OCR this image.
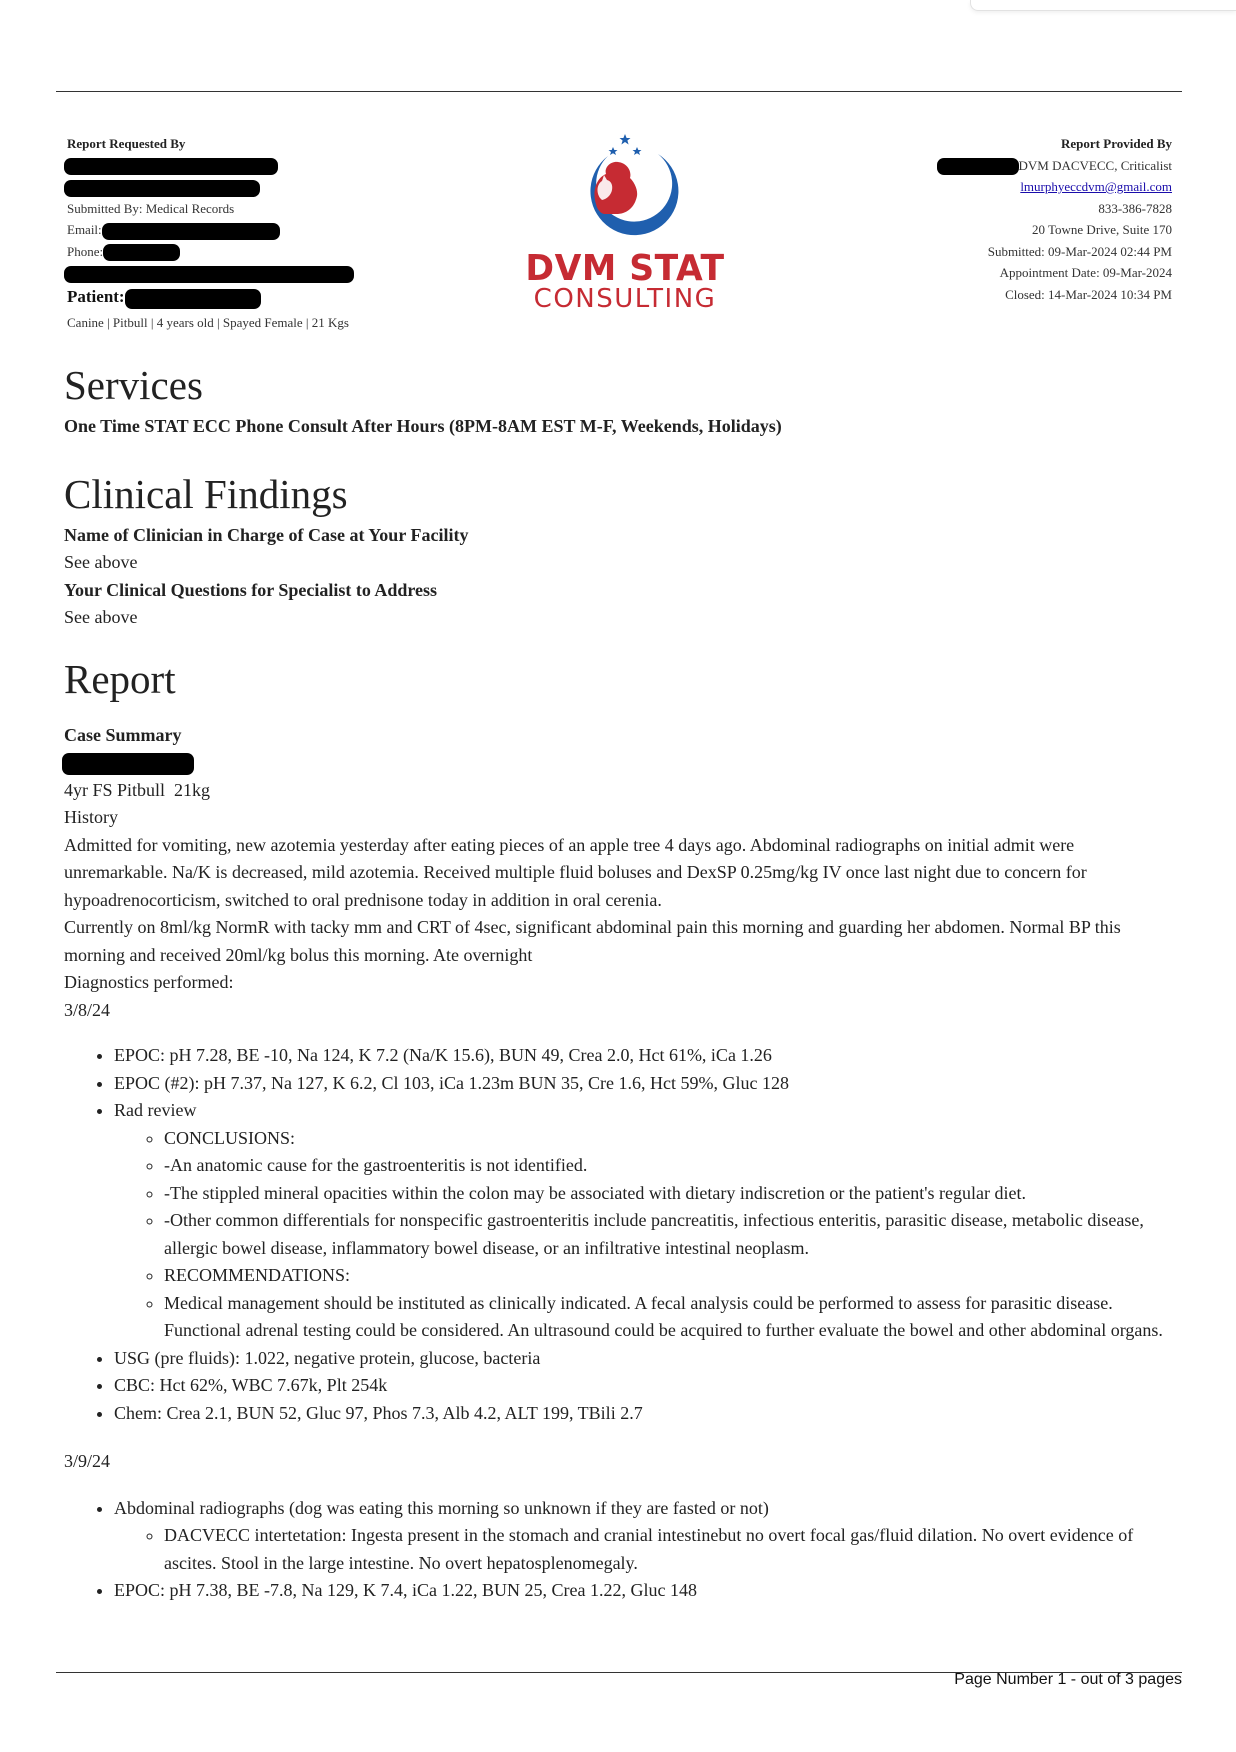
Report Requested By
Submitted By: Medical Records
Email:
Phone:
Patient:
Canine | Pitbull | 4 years old | Spayed Female | 21 Kgs
DVM STAT
CONSULTING
Report Provided By
DVM DACVECC, Criticalist
lmurphyeccdvm@gmail.com
833-386-7828
20 Towne Drive, Suite 170
Submitted: 09-Mar-2024 02:44 PM
Appointment Date: 09-Mar-2024
Closed: 14-Mar-2024 10:34 PM
Services
One Time STAT ECC Phone Consult After Hours (8PM-8AM EST M-F, Weekends, Holidays)
Clinical Findings
Name of Clinician in Charge of Case at Your Facility
See above
Your Clinical Questions for Specialist to Address
See above
Report
Case Summary
4yr FS Pitbull  21kg
History
Admitted for vomiting, new azotemia yesterday after eating pieces of an apple tree 4 days ago. Abdominal radiographs on initial admit were unremarkable. Na/K is decreased, mild azotemia. Received multiple fluid boluses and DexSP 0.25mg/kg IV once last night due to concern for hypoadrenocorticism, switched to oral prednisone today in addition in oral cerenia.
Currently on 8ml/kg NormR with tacky mm and CRT of 4sec, significant abdominal pain this morning and guarding her abdomen. Normal BP this morning and received 20ml/kg bolus this morning. Ate overnight
Diagnostics performed:
3/8/24
• EPOC: pH 7.28, BE -10, Na 124, K 7.2 (Na/K 15.6), BUN 49, Crea 2.0, Hct 61%, iCa 1.26
• EPOC (#2): pH 7.37, Na 127, K 6.2, Cl 103, iCa 1.23m BUN 35, Cre 1.6, Hct 59%, Gluc 128
• Rad review
◦ CONCLUSIONS:
◦ -An anatomic cause for the gastroenteritis is not identified.
◦ -The stippled mineral opacities within the colon may be associated with dietary indiscretion or the patient's regular diet.
◦ -Other common differentials for nonspecific gastroenteritis include pancreatitis, infectious enteritis, parasitic disease, metabolic disease, allergic bowel disease, inflammatory bowel disease, or an infiltrative intestinal neoplasm.
◦ RECOMMENDATIONS:
◦ Medical management should be instituted as clinically indicated. A fecal analysis could be performed to assess for parasitic disease. Functional adrenal testing could be considered. An ultrasound could be acquired to further evaluate the bowel and other abdominal organs.
• USG (pre fluids): 1.022, negative protein, glucose, bacteria
• CBC: Hct 62%, WBC 7.67k, Plt 254k
• Chem: Crea 2.1, BUN 52, Gluc 97, Phos 7.3, Alb 4.2, ALT 199, TBili 2.7
3/9/24
• Abdominal radiographs (dog was eating this morning so unknown if they are fasted or not)
◦ DACVECC intertetation: Ingesta present in the stomach and cranial intestinebut no overt focal gas/fluid dilation. No overt evidence of ascites. Stool in the large intestine. No overt hepatosplenomegaly.
• EPOC: pH 7.38, BE -7.8, Na 129, K 7.4, iCa 1.22, BUN 25, Crea 1.22, Gluc 148
Page Number 1 - out of 3 pages
